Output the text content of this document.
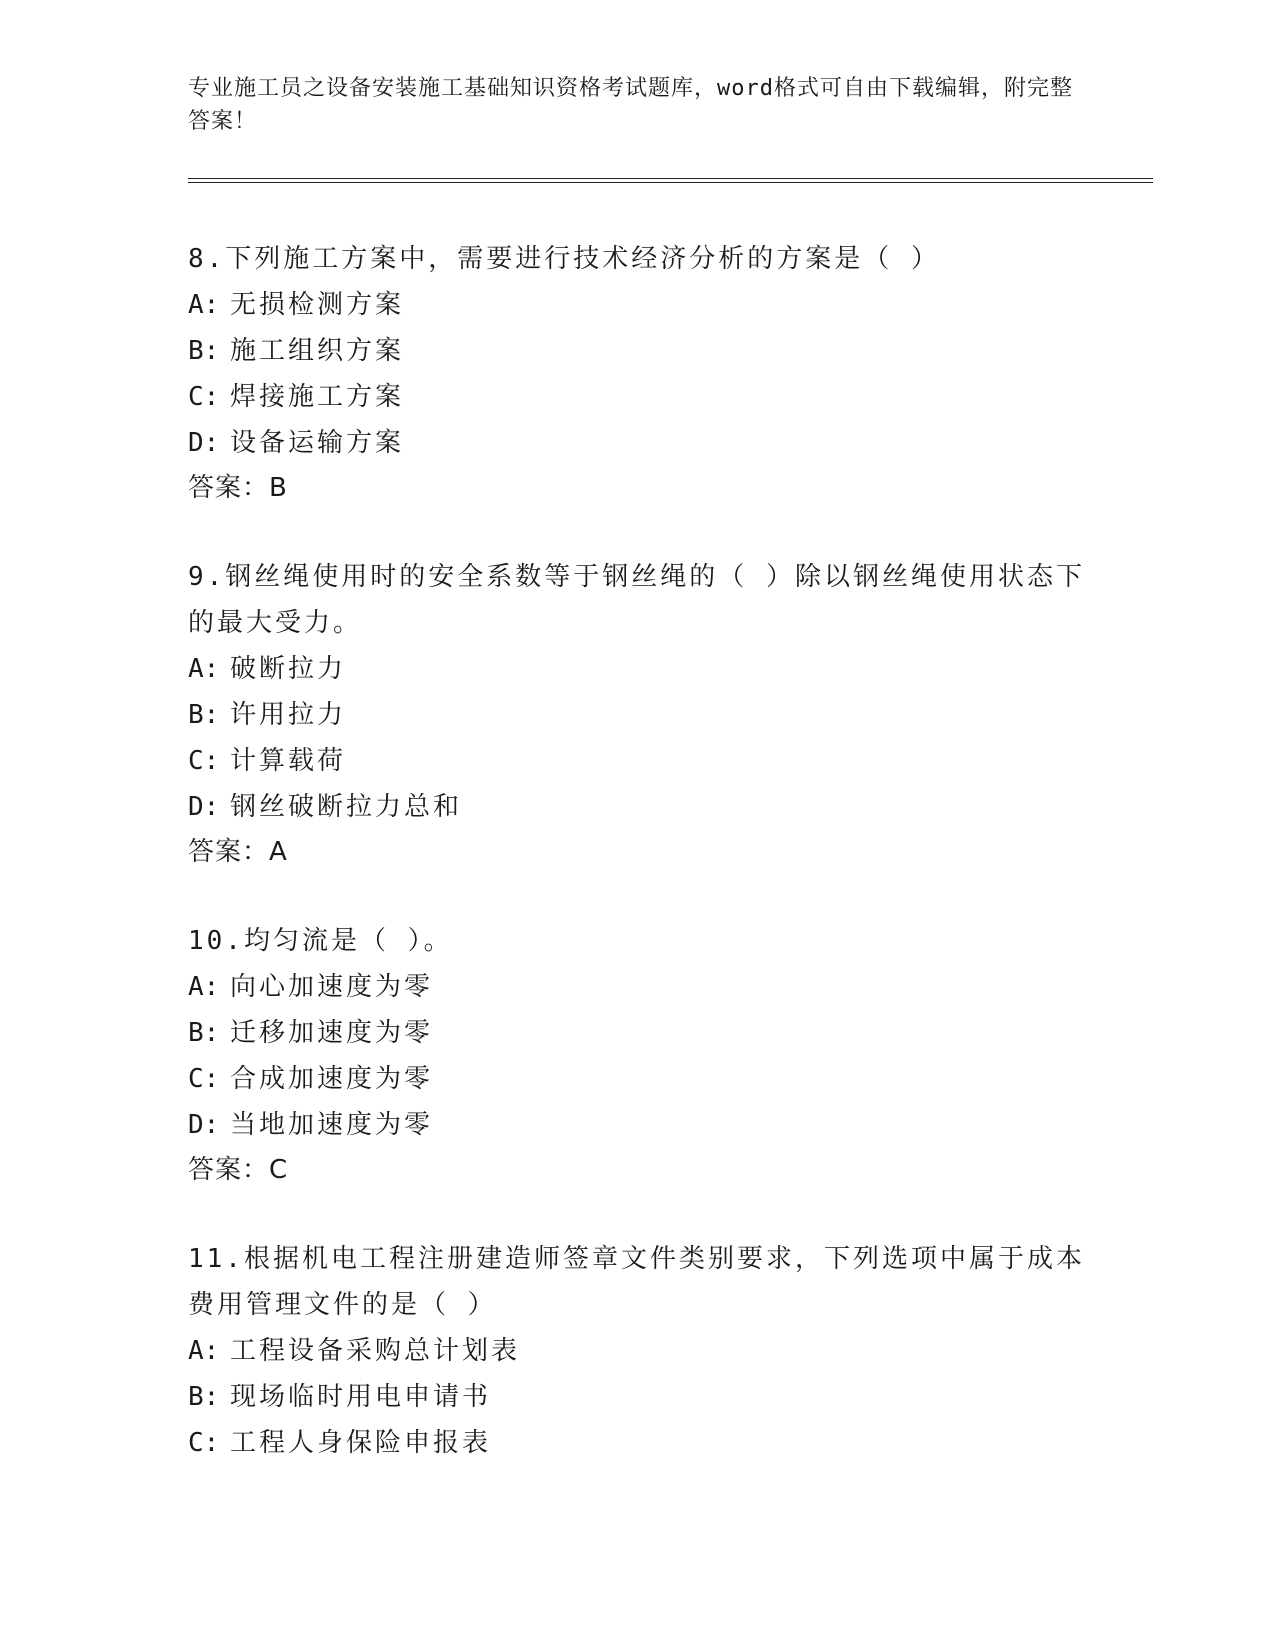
专业施工员之设备安装施工基础知识资格考试题库，word格式可自由下载编辑，附完整答案！

8.下列施工方案中，需要进行技术经济分析的方案是（ ）

A: 无损检测方案

B: 施工组织方案

C: 焊接施工方案

D: 设备运输方案

答案：B

9.钢丝绳使用时的安全系数等于钢丝绳的（ ）除以钢丝绳使用状态下的最大受力。

A: 破断拉力

B: 许用拉力

C: 计算载荷

D: 钢丝破断拉力总和

答案：A

10.均匀流是（ ）。

A: 向心加速度为零

B: 迁移加速度为零

C: 合成加速度为零

D: 当地加速度为零

答案：C

11.根据机电工程注册建造师签章文件类别要求，下列选项中属于成本费用管理文件的是（ ）

A: 工程设备采购总计划表

B: 现场临时用电申请书

C: 工程人身保险申报表
